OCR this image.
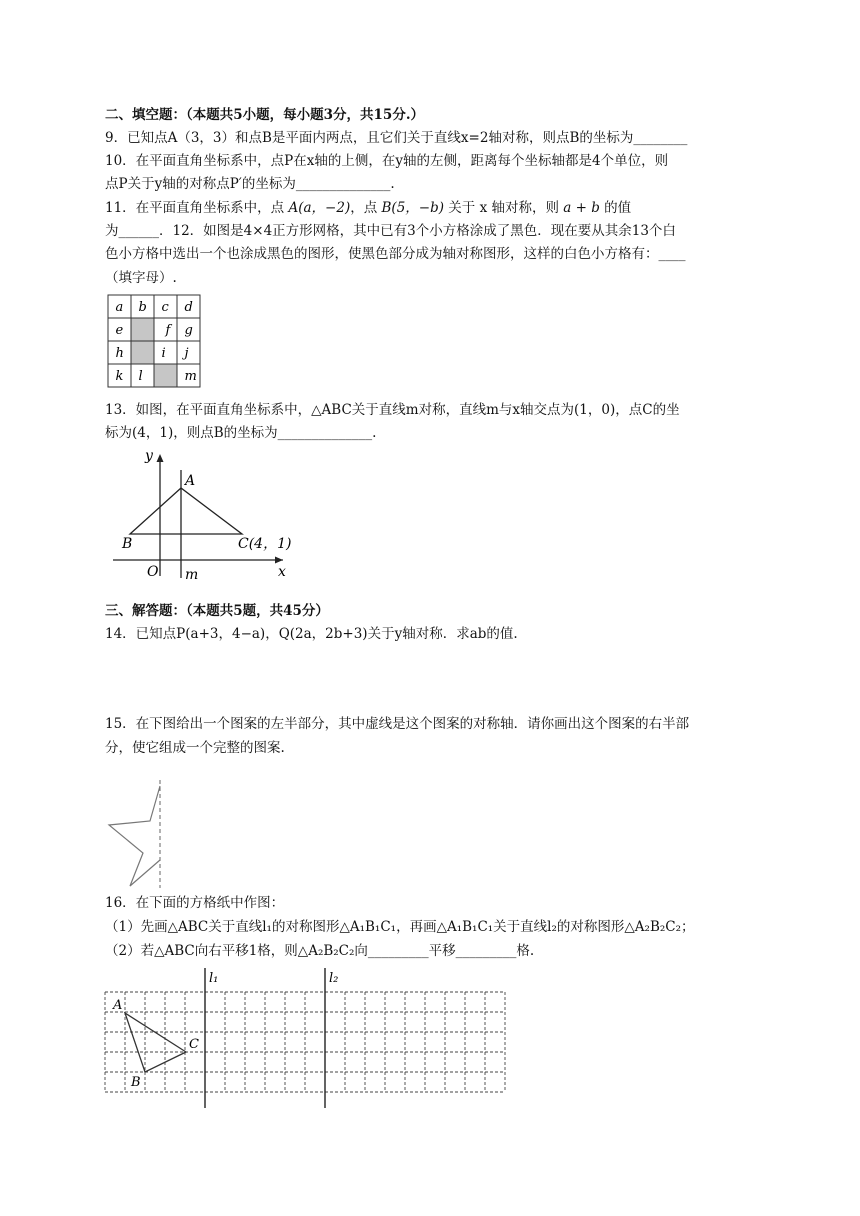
二、填空题：（本题共5小题，每小题3分，共15分.）
9．已知点A（3，3）和点B是平面内两点，且它们关于直线x=2轴对称，则点B的坐标为________
10．在平面直角坐标系中，点P在x轴的上侧，在y轴的左侧，距离每个坐标轴都是4个单位，则
点P关于y轴的对称点P′的坐标为______________.
11．在平面直角坐标系中，点 A(a，−2)，点 B(5，−b) 关于 x 轴对称，则 a + b 的值
为______．12．如图是4×4正方形网格，其中已有3个小方格涂成了黑色．现在要从其余13个白
色小方格中选出一个也涂成黑色的图形，使黑色部分成为轴对称图形，这样的白色小方格有：____
（填字母）.
a b c d
e	f g
h	i j
k l	m
13．如图，在平面直角坐标系中，△ABC关于直线m对称，直线m与x轴交点为(1，0)，点C的坐
标为(4，1)，则点B的坐标为______________.
A
B	C(4，1)
O m	x
y
三、解答题：（本题共5题，共45分）
14．已知点P(a+3，4−a)，Q(2a，2b+3)关于y轴对称．求ab的值.
15．在下图给出一个图案的左半部分，其中虚线是这个图案的对称轴．请你画出这个图案的右半部
分，使它组成一个完整的图案.
16．在下面的方格纸中作图：
（1）先画△ABC关于直线l₁的对称图形△A₁B₁C₁，再画△A₁B₁C₁关于直线l₂的对称图形△A₂B₂C₂；
（2）若△ABC向右平移1格，则△A₂B₂C₂向_________平移_________格.
A
B
C
l₁	l₂
